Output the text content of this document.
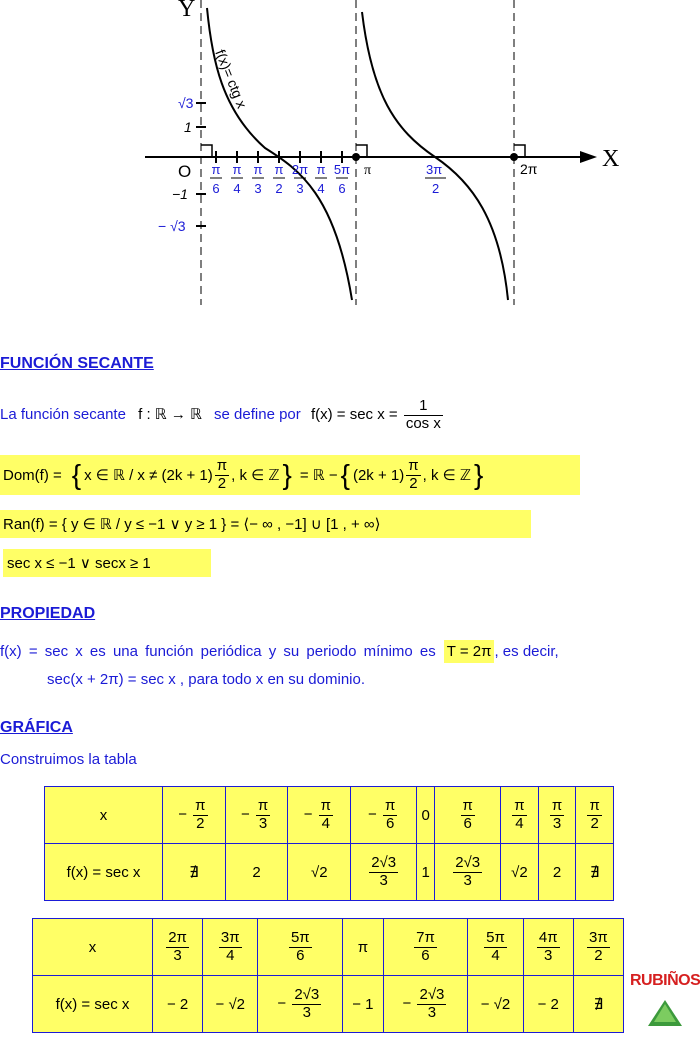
Y
X
f(x)= ctg x
O
√3
1
−1
− √3
π
6
π
4
π
3
π
2
2π
3
π
4
5π
6
π	3π
2
2π
FUNCIÓN SECANTE
La función secante f : ℝ → ℝ se define por $f(x) = \sec x = \frac{1}{\text{cos x}}$
Dom(f) = { x ∈ ℝ / $x \ne (2k + 1) \frac{\pi}{2}$ , k ∈ ℤ } = ℝ − { $(2k + 1) \frac{\pi}{2}$ , k ∈ ℤ }
Ran(f) = { y ∈ ℝ / y ≤ −1 ∨ y ≥ 1 } = ⟨− ∞ , −1] ∪ [1 , + ∞⟩
sec x ≤ −1 ∨ secx ≥ 1
PROPIEDAD
f(x) = sec x es una función periódica y su periodo mínimo es T = 2π , es decir,
sec(x + 2π) = sec x , para todo x en su dominio.
GRÁFICA
Construimos la tabla
x	− $\frac{\pi}{2}$	− $\frac{\pi}{3}$	− $\frac{\pi}{4}$	− $\frac{\pi}{6}$	0	$\frac{\pi}{6}$	$\frac{\pi}{4}$	$\frac{\pi}{3}$	$\frac{\pi}{2}$

f(x) = sec x	∄	2	√2	$\frac{2√3}{3}$	1	$\frac{2√3}{3}$	√2	2	∄
x	$\frac{2\pi}{3}$	$\frac{3\pi}{4}$	$\frac{5\pi}{6}$	π	$\frac{7\pi}{6}$	$\frac{5\pi}{4}$	$\frac{4\pi}{3}$	$\frac{3\pi}{2}$

f(x) = sec x	− 2	− √2	− $\frac{2√3}{3}$	− 1	− $\frac{2√3}{3}$	− √2	− 2	∄
RUBIÑOS
